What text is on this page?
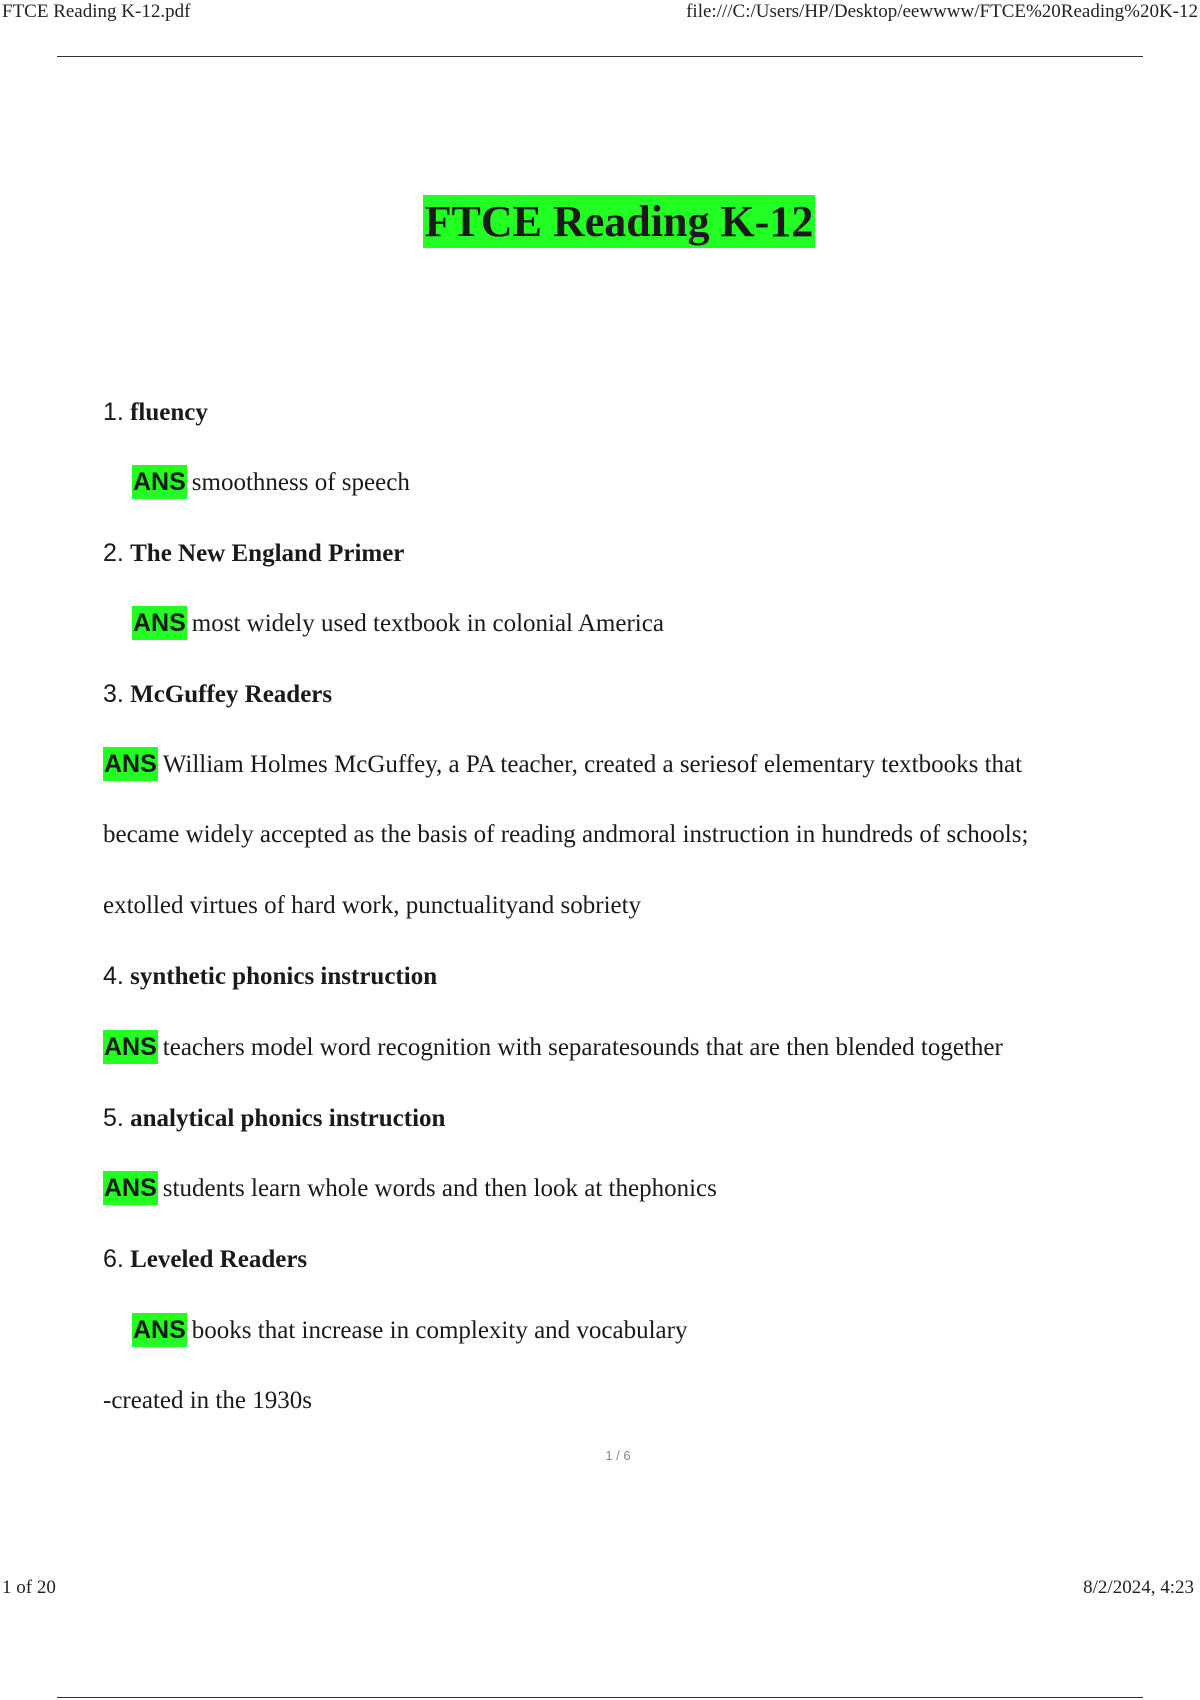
FTCE Reading K-12.pdf	file:///C:/Users/HP/Desktop/eewwww/FTCE%20Reading%20K-12
FTCE Reading K-12
1. fluency
ANS smoothness of speech
2. The New England Primer
ANS most widely used textbook in colonial America
3. McGuffey Readers
ANS William Holmes McGuffey, a PA teacher, created a seriesof elementary textbooks that
became widely accepted as the basis of reading andmoral instruction in hundreds of schools;
extolled virtues of hard work, punctualityand sobriety
4. synthetic phonics instruction
ANS teachers model word recognition with separatesounds that are then blended together
5. analytical phonics instruction
ANS students learn whole words and then look at thephonics
6. Leveled Readers
ANS books that increase in complexity and vocabulary
-created in the 1930s
1 / 6
1 of 20	8/2/2024, 4:23
